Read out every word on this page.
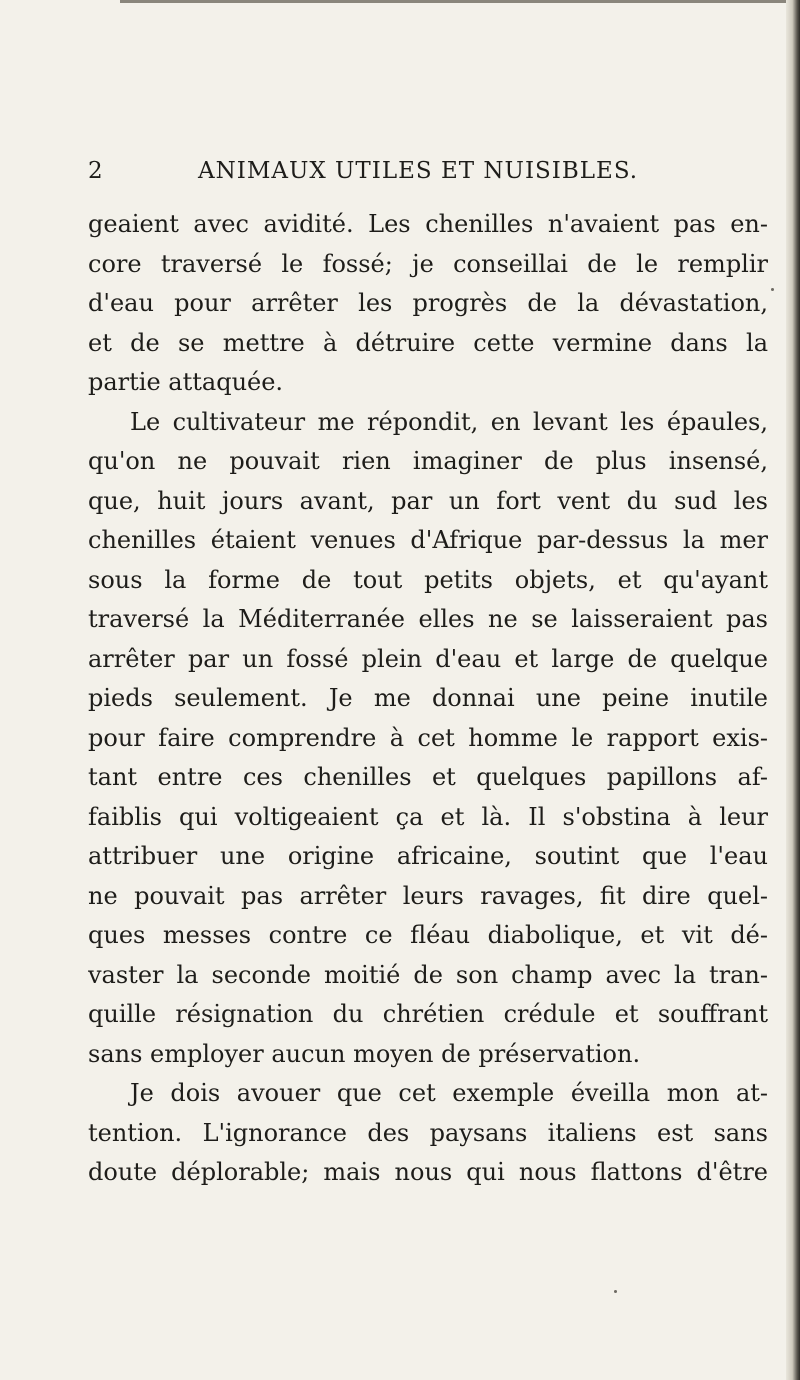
2	ANIMAUX UTILES ET NUISIBLES.
geaient avec avidité. Les chenilles n'avaient pas en-
core traversé le fossé; je conseillai de le remplir
d'eau pour arrêter les progrès de la dévastation,
et de se mettre à détruire cette vermine dans la
partie attaquée.
Le cultivateur me répondit, en levant les épaules,
qu'on ne pouvait rien imaginer de plus insensé,
que, huit jours avant, par un fort vent du sud les
chenilles étaient venues d'Afrique par-dessus la mer
sous la forme de tout petits objets, et qu'ayant
traversé la Méditerranée elles ne se laisseraient pas
arrêter par un fossé plein d'eau et large de quelque
pieds seulement. Je me donnai une peine inutile
pour faire comprendre à cet homme le rapport exis-
tant entre ces chenilles et quelques papillons af-
faiblis qui voltigeaient ça et là. Il s'obstina à leur
attribuer une origine africaine, soutint que l'eau
ne pouvait pas arrêter leurs ravages, fit dire quel-
ques messes contre ce fléau diabolique, et vit dé-
vaster la seconde moitié de son champ avec la tran-
quille résignation du chrétien crédule et souffrant
sans employer aucun moyen de préservation.
Je dois avouer que cet exemple éveilla mon at-
tention. L'ignorance des paysans italiens est sans
doute déplorable; mais nous qui nous flattons d'être
